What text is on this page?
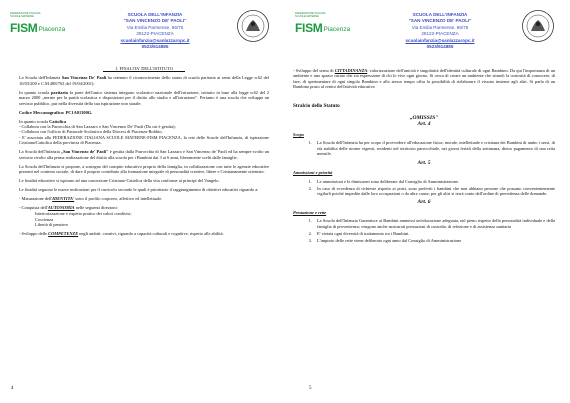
FEDERAZIONE ITALIANA
SCUOLE MATERNE
FISM Piacenza
SCUOLA DELL'INFANZIA
"SAN VINCENZO DE' PAOLI"
Via Emilia Parmense, 66/75
29122-PIACENZA
scuolainfanzia@sanlazzaropc.it
0523/614885
1. FINALITA' DELL'ISTITUTO

La Scuola dell'Infanzia San Vincenzo De' Paoli ha ottenuto il riconoscimento dello status di scuola paritaria ai sensi della Legge n.62 del 10/03/200 e C.M.488/763 del 19/04/2001):

In quanto scuola paritaria fa parte dell'unico sistema integrato scolastico nazionale dell'istruzione, istituito in base alla legge n.62 del 2 marzo 2000 „norme per la parità scolastica e disposizioni per il diritto allo studio e all'istruzione". Pertanto è una scuola che sviluppa un servizio pubblico, pur nella diversità della sua ispirazione non statale;

Codice Meccanografico: PC1A01300G.

In quanto scuola Cattolica
- Collabora con la Parrocchia di San Lazzaro e San Vincenzo De' Paoli (Da cui è gestita);
- Collabora con l'ufficio di Pastorale Scolastica della Diocesi di Piacenza-Bobbio;
- E' associata alla FEDERAZIONE ITALIANA SCUOLE MATERNE-FISM PIACENZA, la rete delle Scuole dell'Infanzia, di ispirazione Cristiana/Cattolica della provincia di Piacenza.

La Scuola dell'Infanzia „San Vincenzo de' Paoli" è gestita dalla Parrocchia di San Lazzaro e San Vincenzo de' Paoli ed ha sempre svolto un servizio rivolto alla prima realizzazione del diritto alla scuola per i Bambini dai 3 ai 6 anni, liberamente scelti dalle famiglie.

La Scuola dell'Infanzia si propone, a sostegno del compito educativo proprio della famiglia, in collaborazione con tutte le agenzie educative presenti nel contesto sociale, di dare il proprio contributo alla formazione integrale di personalità creative, libere e Cristianamente orientate.

Le finalità educative si ispirano ad una concezione Cristiano-Cattolica della vita conforme ai principi del Vangelo.

Le finalità seguono le nuove indicazioni per il curricolo secondo le quali è prioritario il raggiungimento di obiettivi educativi riguardo a:

- Maturazione dell'IDENTITA' sotto il profilo corporeo, affettivo ed intellettuale.

- Conquista dell'AUTONOMIA nelle seguenti direzioni:

Interiorizzazione e rispetto pratico dei valori condivisi;
Coscienza
Libertà di pensiero

- Sviluppo delle COMPETENZE negli ambiti: creativi, riguardo a capacità culturali e cognitive, rispetto alle abilità.

4
FEDERAZIONE ITALIANA
SCUOLE MATERNE
FISM Piacenza
SCUOLA DELL'INFANZIA
"SAN VINCENZO DE' PAOLI"
Via Emilia Parmense, 66/75
29122-PIACENZA
scuolainfanzia@sanlazzaropc.it
0523/614885

- Sviluppo del senso di CITTADINANZA: valorizzazione dell'unicità e singolarità dell'identità culturale di ogni Bambino. Da qui l'importanza di un ambiente e uno spazio curato che sia espressione di chi lo vive ogni giorno. Si cerca di creare un ambiente che stimoli la curiosità di conoscere, di fare, di sperimentare di ogni singolo Bambino e allo stesso tempo offra la possibilità di rielaborare il vissuto insieme agli altri. Si parla di un Bambino posto al centro dell'attività educativa

Stralcio dello Statuto
„OMISSIS"
Art. 4
Scopo
1. La Scuola dell'Infanzia ha per scopo il provvedere all'educazione fisica, morale, intellettuale e cristiana dei Bambini di ambo i sessi, di età stabilita delle norme vigenti, residenti nel territorio parrocchiale, nei giorni feriali della settimana, dietro pagamento di una retta mensile.
Art. 5
Ammissioni e priorità
1. Le ammissioni e le dimissioni sono deliberate dal Consiglio di Amministrazione.
2. In caso di eccedenza di richieste rispetto ai posti, sono preferiti i bambini che non abbiano persone che possano convenientemente vigilarli poiché impedite dalle loro occupazioni o da altre cause; per gli altri si terrà conto dell'ordine di precedenza delle domande.
Art. 6
Prestazione e rette
1. La Scuola dell'Infanzia Garantisce ai Bambini ammessi un'educazione adeguata, nel pieno rispetto della personalità individuale e della famiglia di provenienza; vengono anche assicurati prestazioni di custodia, di refezione e di assistenza sanitaria
2. E' vietata ogni diversità di trattamento tra i Bambini.
3. L'importo delle rette viene deliberato ogni anno dal Consiglio di Amministrazione
5
